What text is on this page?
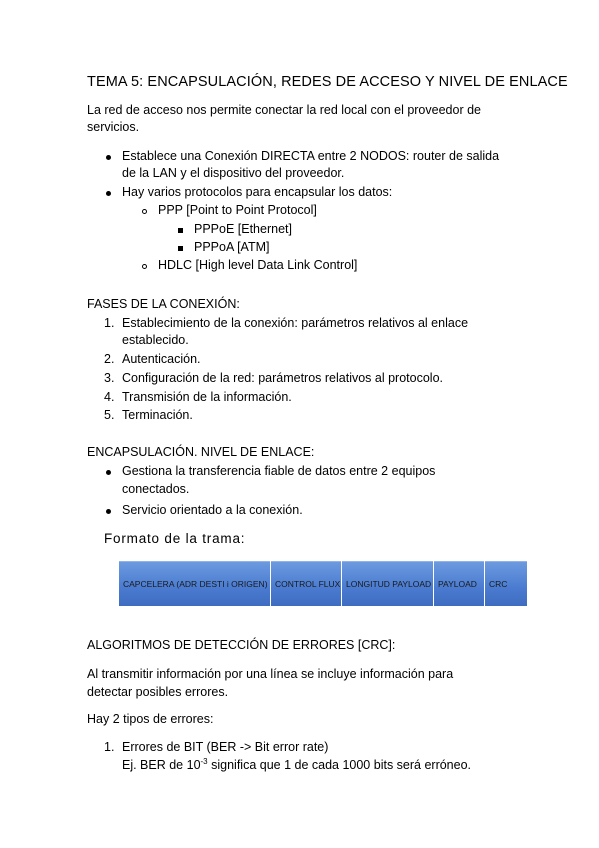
TEMA 5: ENCAPSULACIÓN, REDES DE ACCESO Y NIVEL DE ENLACE
La red de acceso nos permite conectar la red local con el proveedor de
servicios.
Establece una Conexión DIRECTA entre 2 NODOS: router de salida
de la LAN y el dispositivo del proveedor.
Hay varios protocolos para encapsular los datos:
PPP [Point to Point Protocol]
PPPoE [Ethernet]
PPPoA [ATM]
HDLC [High level Data Link Control]
FASES DE LA CONEXIÓN:
1. Establecimiento de la conexión: parámetros relativos al enlace
establecido.
2. Autenticación.
3. Configuración de la red: parámetros relativos al protocolo.
4. Transmisión de la información.
5. Terminación.
ENCAPSULACIÓN. NIVEL DE ENLACE:
Gestiona la transferencia fiable de datos entre 2 equipos
conectados.
Servicio orientado a la conexión.
Formato de la trama:
CAPCELERA (ADR DESTI i ORIGEN) CONTROL FLUX LONGITUD PAYLOAD PAYLOAD	CRC
ALGORITMOS DE DETECCIÓN DE ERRORES [CRC]:
Al transmitir información por una línea se incluye información para
detectar posibles errores.
Hay 2 tipos de errores:
1. Errores de BIT (BER -> Bit error rate)
Ej. BER de $10^{-3}$ significa que 1 de cada 1000 bits será erróneo.
